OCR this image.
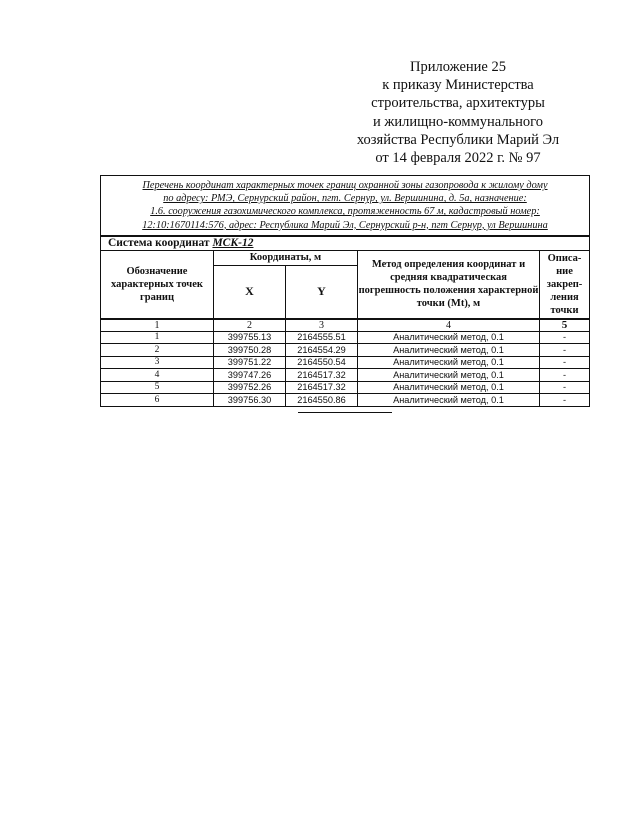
Приложение 25
к приказу Министерства
строительства, архитектуры
и жилищно-коммунального
хозяйства Республики Марий Эл
от 14 февраля 2022 г. № 97
Перечень координат характерных точек границ охранной зоны газопровода к жилому дому
по адресу: РМЭ, Сернурский район, пгт. Сернур, ул. Вершинина, д. 5а, назначение:
1.6. сооружения газохимического комплекса, протяженность 67 м, кадастровый номер:
12:10:1670114:576, адрес: Республика Марий Эл, Сернурский р-н, пгт Сернур, ул Вершинина				

Система координат МСК-12				
Обозначение характерных точек границ	Координаты, м		Метод определения координат и средняя квадратическая погрешность положения характерной точки (Mt), м	Описа-ние закреп-ления точки
	X	Y		
1	2	3	4	5
1	399755.13	2164555.51	Аналитический метод, 0.1	-
2	399750.28	2164554.29	Аналитический метод, 0.1	-
3	399751.22	2164550.54	Аналитический метод, 0.1	-
4	399747.26	2164517.32	Аналитический метод, 0.1	-
5	399752.26	2164517.32	Аналитический метод, 0.1	-
6	399756.30	2164550.86	Аналитический метод, 0.1	-
